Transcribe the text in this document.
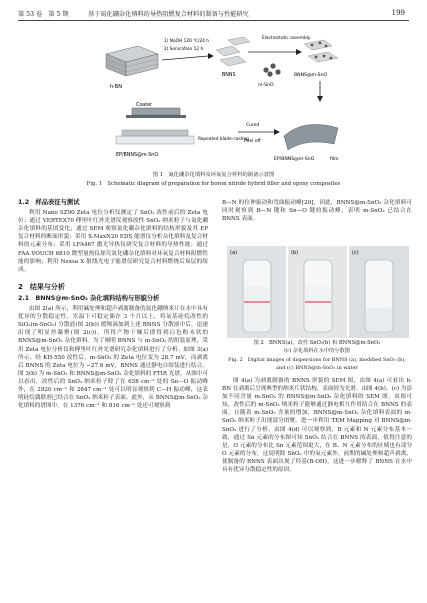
第 53 卷　第 5 期	基于氮化硼杂化填料的导热阻燃复合材料的制备与性能研究	199
h-BN
1) NaOH 120 ℃/24 h
2) Sonication 12 h
BNNS
m-SnO
Electrostatic assembly
BNNS@m-SnO
Coater
Repeated blade-casting
EP/BNNS@m-SnO
Cured
Peel off
EP/BNNS@m-SnO	film
图 1　氮化硼杂化填料及环氧复合材料的制备示意图
Fig. 1　Schematic diagram of preparation for boron nitride hybrid filler and epoxy composites
1.2　样品表征与测试

利用 Nano SZ90 Zeta 电位分析仪测定了 SnO₂ 改性前后的 Zeta 电位；通过 VERTEX70 傅里叶红外光谱仪观察改性 SnO₂ 纳米粒子与氮化硼杂化填料的基团变化；通过 SEM 观察氮化硼杂化填料的结构形貌及其 EP 复合材料的断面形貌；采用 X-MaxN20 EDS 能谱仪分析杂化填料及复合材料的元素分布；采用 LFA467 激光导热仪研究复合材料的导热性能；通过 FAA VOUCH 6810 微型量热仪探究氮化硼杂化填料对环氧复合材料阻燃性能的影响；利用 Nexsa X 射线光电子能谱仪研究复合材料燃烧后炭层的组成。

2　结果与分析
2.1　BNNS@m-SnO₂ 杂化填料结构与形貌分析

由图 2(a) 所示，利用碱处理和超声剥离制备的氮化硼纳米片在水中具有优异的分散稳定性，室温下可稳定储存 3 个月以上，将氧基硅烷改性的 SiO₂(m-SnO₂) 分散液(图 2(b)) 缓慢滴加到上述 BNNS 分散液中后，迅速出现了明显丝凝聚(图 2(c))。所得产物干燥后即得到白色粉末状的 BNNS@m-SnO₂ 杂化填料。为了阐明 BNNS 与 m-SnO₂ 的组装原理，采用 Zeta 电位分析仪和傅里叶红外光谱研究杂化填料进行了分析。如图 3(a) 所示，经 KH-550 改性后，m-SnO₂ 的 Zeta 电位变为 28.7 mV，而剥离后 BNNS 的 Zeta 电位为 −27.8 mV，BNNS 通过静电自组装进行结合。图 3(b) 为 m-SnO₂ 和 BNNS@m-SnO₂ 杂化填料的 FTIR 光谱，从图中可以看出，改性后的 SnO₂ 纳米粒子除了在 658 cm⁻¹ 处的 Sn—O 振动峰外，在 2920 cm⁻¹ 和 2847 cm⁻¹ 处可以明显观察到 C—H 振动峰，这表明硅烷偶联剂已结合在 SnO₂ 纳米粒子表面。此外，从 BNNS@m-SnO₂ 杂化填料的谱图中，在 1376 cm⁻¹ 和 816 cm⁻¹ 处还可观察到

B—N 的拉伸振动和弯曲振动峰[20]，因此，BNNS@m-SnO₂ 杂化填料可同时观察到 B—N 键和 Sn—O 键的振动峰，表明 m-SnO₂ 已结合在 BNNS 表面。

(a)	(b)	(c)
图 2　BNNS(a)、改性 SnO₂(b) 和 BNNS@m-SnO₂
(c) 杂化填料在水中的分散图
Fig. 2　Digital images of dispersions for BNNS (a), modified SnO₂ (b),
and (c) BNNS@m-SnO₂ in water

图 4(a) 为剥离制备的 BNNS 形貌的 SEM 图，由图 4(a) 可看出 h-BN 在剥离后呈现典型的纳米片状结构，表面较为光滑。由图 4(b)、(c) 为添加不同含量 m-SnO₂ 的 BNNS@m-SnO₂ 杂化填料的 SEM 图，由图可知，改性后的 m-SnO₂ 纳米粒子能够通过静电相互作用结合在 BNNS 的表面，且随着 m-SnO₂ 含量的增加，BNNS@m-SnO₂ 杂化填料表面的 m-SnO₂ 纳米粒子出现部分团聚。进一步利用 TEM Mapping 对 BNNS@m-SnO₂ 进行了分析，由图 4(d) 可以观察到，B 元素和 N 元素分布基本一致，通过 Sn 元素的分布图可知 SnO₂ 结合在 BNNS 的表面，值得注意的是，O 元素的分布比 Sn 元素范围更大，在 B、N 元素分布的区域也有部分 O 元素的分布，这说明除 SnO₂ 中的氧元素外，前期的碱处理和超声剥离，使制备的 BNNS 表面出现了羟基(B-OH)，这进一步解释了 BNNS 在水中具有优异分散稳定性的原因。
